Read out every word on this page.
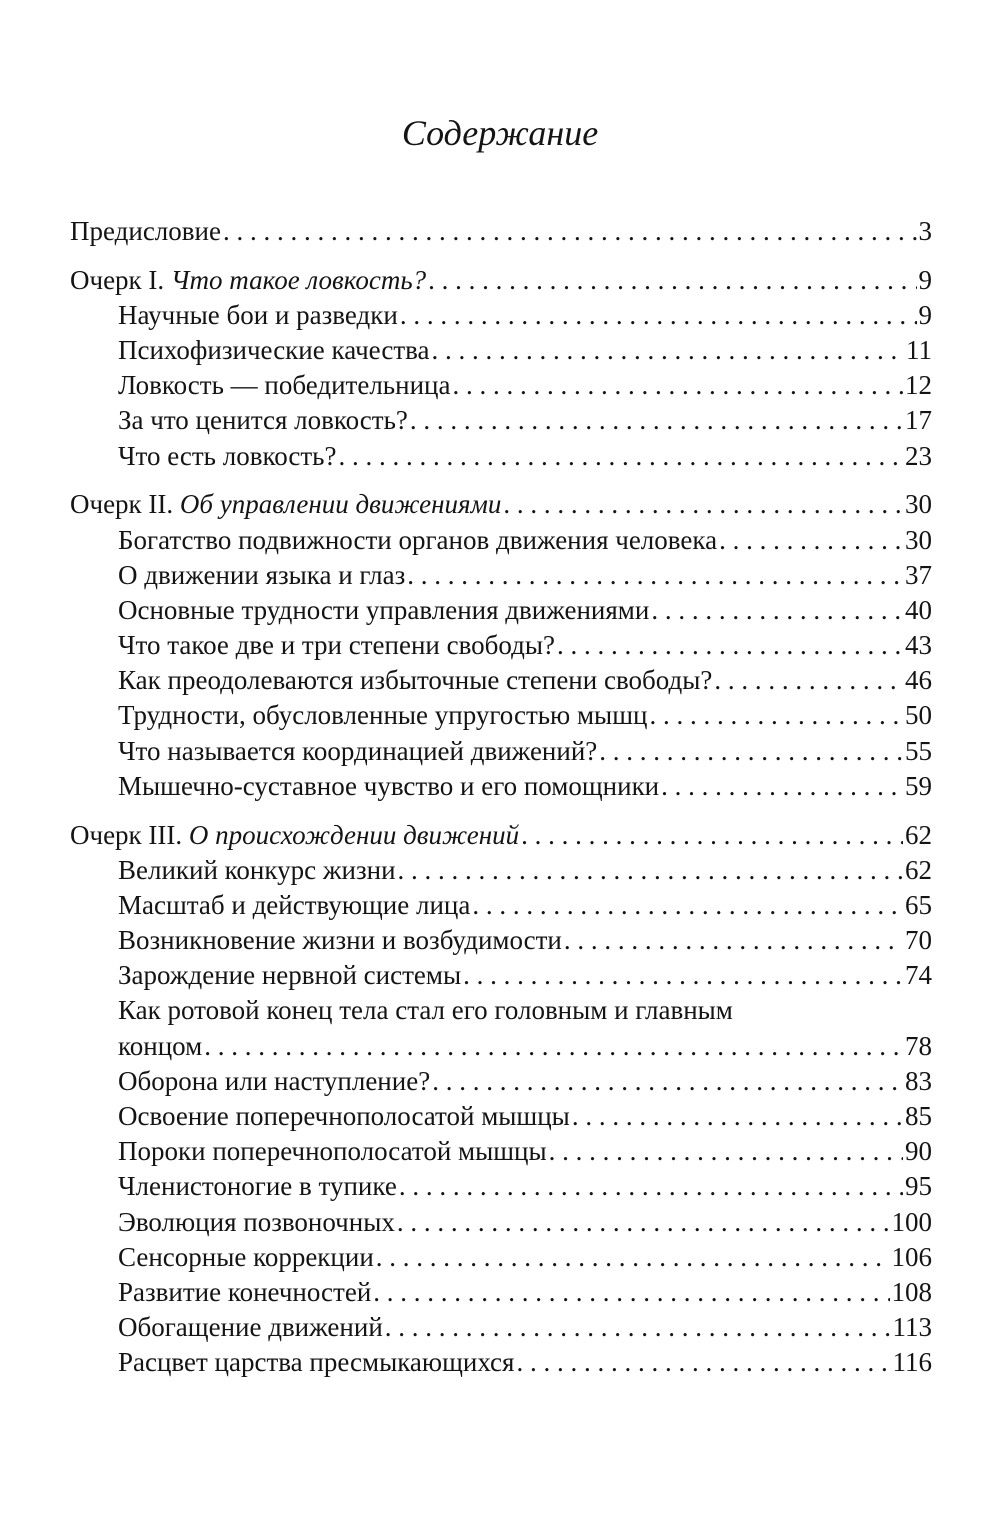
Содержание
Предисловие . . .	3
Очерк I. Что такое ловкость? . . .	9
Научные бои и разведки . . .	9
Психофизические качества . . .	11
Ловкость — победительница . . .	12
За что ценится ловкость? . . .	17
Что есть ловкость? . . .	23
Очерк II. Об управлении движениями . . .	30
Богатство подвижности органов движения человека . . .	30
О движении языка и глаз . . .	37
Основные трудности управления движениями . . .	40
Что такое две и три степени свободы? . . .	43
Как преодолеваются избыточные степени свободы? . . .	46
Трудности, обусловленные упругостью мышц . . .	50
Что называется координацией движений? . . .	55
Мышечно-суставное чувство и его помощники . . .	59
Очерк III. О происхождении движений . . .	62
Великий конкурс жизни . . .	62
Масштаб и действующие лица . . .	65
Возникновение жизни и возбудимости . . .	70
Зарождение нервной системы . . .	74
Как ротовой конец тела стал его головным и главным
концом . . .	78
Оборона или наступление? . . .	83
Освоение поперечнополосатой мышцы . . .	85
Пороки поперечнополосатой мышцы . . .	90
Членистоногие в тупике . . .	95
Эволюция позвоночных . . .	100
Сенсорные коррекции . . .	106
Развитие конечностей . . .	108
Обогащение движений . . .	113
Расцвет царства пресмыкающихся . . .	116
